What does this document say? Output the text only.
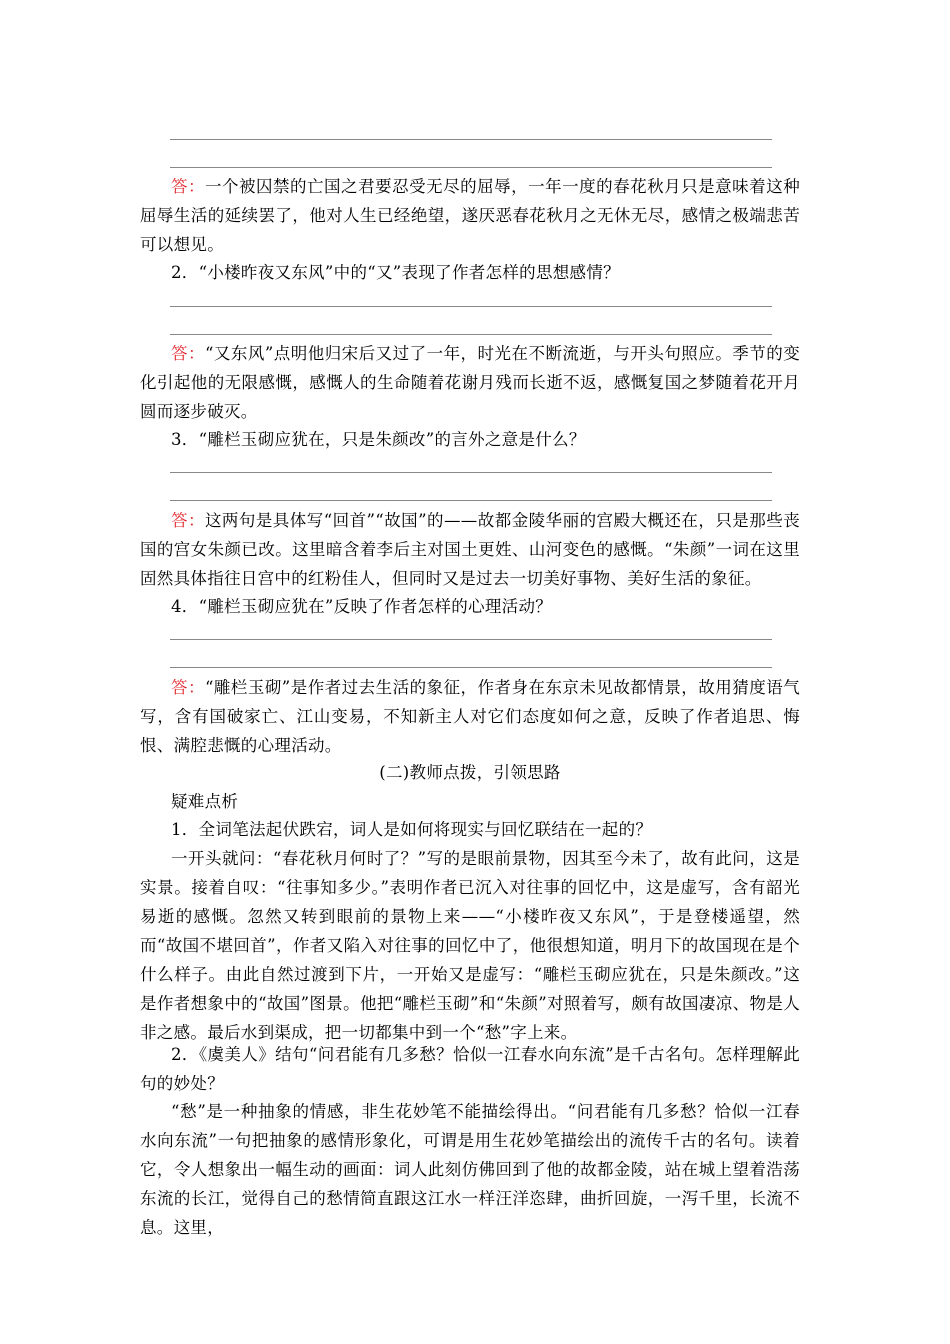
答：一个被囚禁的亡国之君要忍受无尽的屈辱，一年一度的春花秋月只是意味着这种屈辱生活的延续罢了，他对人生已经绝望，遂厌恶春花秋月之无休无尽，感情之极端悲苦可以想见。
2．“小楼昨夜又东风”中的“又”表现了作者怎样的思想感情？
答：“又东风”点明他归宋后又过了一年，时光在不断流逝，与开头句照应。季节的变化引起他的无限感慨，感慨人的生命随着花谢月残而长逝不返，感慨复国之梦随着花开月圆而逐步破灭。
3．“雕栏玉砌应犹在，只是朱颜改”的言外之意是什么？
答：这两句是具体写“回首”“故国”的——故都金陵华丽的宫殿大概还在，只是那些丧国的宫女朱颜已改。这里暗含着李后主对国土更姓、山河变色的感慨。“朱颜”一词在这里固然具体指往日宫中的红粉佳人，但同时又是过去一切美好事物、美好生活的象征。
4．“雕栏玉砌应犹在”反映了作者怎样的心理活动？
答：“雕栏玉砌”是作者过去生活的象征，作者身在东京未见故都情景，故用猜度语气写，含有国破家亡、江山变易，不知新主人对它们态度如何之意，反映了作者追思、悔恨、满腔悲慨的心理活动。
(二)教师点拨，引领思路
疑难点析
1．全词笔法起伏跌宕，词人是如何将现实与回忆联结在一起的？
一开头就问：“春花秋月何时了？”写的是眼前景物，因其至今未了，故有此问，这是实景。接着自叹：“往事知多少。”表明作者已沉入对往事的回忆中，这是虚写，含有韶光易逝的感慨。忽然又转到眼前的景物上来——“小楼昨夜又东风”，于是登楼遥望，然而“故国不堪回首”，作者又陷入对往事的回忆中了，他很想知道，明月下的故国现在是个什么样子。由此自然过渡到下片，一开始又是虚写：“雕栏玉砌应犹在，只是朱颜改。”这是作者想象中的“故国”图景。他把“雕栏玉砌”和“朱颜”对照着写，颇有故国凄凉、物是人非之感。最后水到渠成，把一切都集中到一个“愁”字上来。
2．《虞美人》结句“问君能有几多愁？恰似一江春水向东流”是千古名句。怎样理解此句的妙处？
“愁”是一种抽象的情感，非生花妙笔不能描绘得出。“问君能有几多愁？恰似一江春水向东流”一句把抽象的感情形象化，可谓是用生花妙笔描绘出的流传千古的名句。读着它，令人想象出一幅生动的画面：词人此刻仿佛回到了他的故都金陵，站在城上望着浩荡东流的长江，觉得自己的愁情简直跟这江水一样汪洋恣肆，曲折回旋，一泻千里，长流不息。这里，
